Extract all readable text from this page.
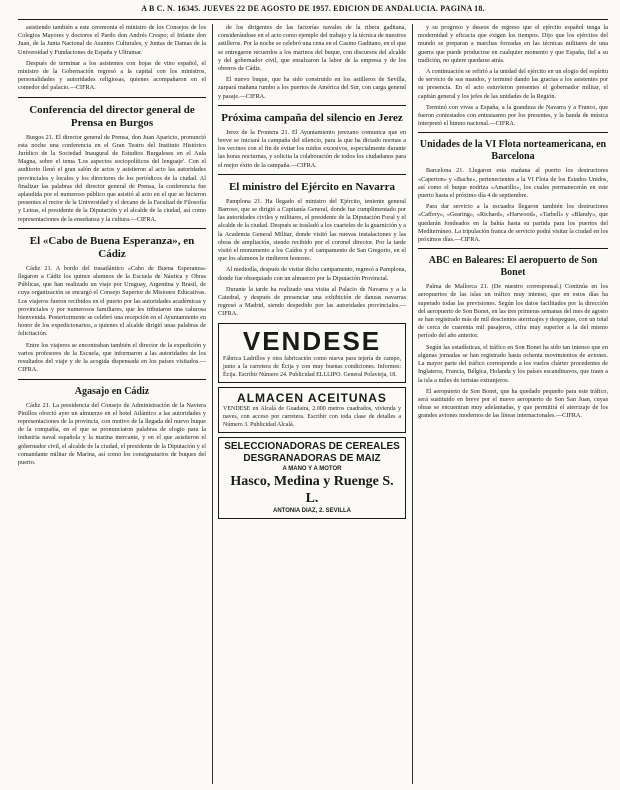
A B C. N. 16345. JUEVES 22 DE AGOSTO DE 1957. EDICION DE ANDALUCIA. PAGINA 18.

asistiendo también a este ceremonia el ministro de los Consejos de los Colegios Mayores y doctores el Pardo don Andrés Crespo; el Infante don Juan, de la Junta Nacional de Asuntos Culturales, y Juntas de Damas de la Universidad y Fundaciones de España y Ultramar.

Después de terminar a los asistentes con hojas de vino español, el ministro de la Gobernación regresó a la capital con los ministros, personalidades y autoridades religiosas, quienes acompañaron en el comedor del palacio.—CIFRA.

Conferencia del director general de Prensa en Burgos

Burgos 21. El director general de Prensa, don Juan Aparicio, pronunció esta noche una conferencia en el Gran Teatro del Instituto Histórico Jurídico de la Sociedad Inaugural de Estudios Burgaleses en el Aula Magna, sobre el tema 'Los aspectos sociopolíticos del lenguaje'. Con el auditorio llenó el gran salón de actos y asistieron al acto las autoridades provinciales y locales y los directores de los periódicos de la ciudad. Al finalizar las palabras del director general de Prensa, la conferencia fue aplaudida por el numeroso público que asistió al acto en el que se hicieron presentes el rector de la Universidad y el decano de la Facultad de Filosofía y Letras, el presidente de la Diputación y el alcalde de la ciudad, así como representaciones de la enseñanza y la cultura.—CIFRA.

El «Cabo de Buena Esperanza», en Cádiz

Cádiz 21. A bordo del trasatlántico «Cabo de Buena Esperanza» llegaron a Cádiz los quince alumnos de la Escuela de Náutica y Obras Públicas, que han realizado un viaje por Uruguay, Argentina y Brasil, de cuya organización se encargó el Consejo Superior de Misiones Educativas. Los viajeros fueron recibidos en el puerto por las autoridades académicas y provinciales y por numerosos familiares, que les tributaron una calurosa bienvenida. Posteriormente se celebró una recepción en el Ayuntamiento en honor de los expedicionarios, a quienes el alcalde dirigió unas palabras de felicitación.

Entre los viajeros se encontraban también el director de la expedición y varios profesores de la Escuela, que informaron a las autoridades de los resultados del viaje y de la acogida dispensada en los países visitados.—CIFRA.

Agasajo en Cádiz

Cádiz 21. La presidencia del Consejo de Administración de la Naviera Pinillos ofreció ayer un almuerzo en el hotel Atlántico a las autoridades y representaciones de la provincia, con motivo de la llegada del nuevo buque de la compañía, en el que se pronunciaron palabras de elogio para la industria naval española y la marina mercante, y en el que asistieron el gobernador civil, el alcalde de la ciudad, el presidente de la Diputación y el comandante militar de Marina, así como los consignatarios de buques del puerto.

de los dirigentes de las factorías navales de la ribera gaditana, considerándose en el acto como ejemplo del trabajo y la técnica de nuestros astilleros. Por la noche se celebró una cena en el Casino Gaditano, en el que se entregaron recuerdos a los marinos del buque, con discursos del alcalde y del gobernador civil, que ensalzaron la labor de la empresa y de los obreros de Cádiz.

El nuevo buque, que ha sido construido en los astilleros de Sevilla, zarpará mañana rumbo a los puertos de América del Sur, con carga general y pasaje.—CIFRA.

Próxima campaña del silencio en Jerez

Jerez de la Frontera 21. El Ayuntamiento jerezano comunica que en breve se iniciará la campaña del silencio, para la que ha dictado normas a los vecinos con el fin de evitar los ruidos excesivos, especialmente durante las horas nocturnas, y solicita la colaboración de todos los ciudadanos para el mejor éxito de la campaña.—CIFRA.

El ministro del Ejército en Navarra

Pamplona 21. Ha llegado el ministro del Ejército, teniente general Barroso, que se dirigió a Capitanía General, donde fue cumplimentado por las autoridades civiles y militares, el presidente de la Diputación Foral y el alcalde de la ciudad. Después se trasladó a los cuarteles de la guarnición y a la Academia General Militar, donde visitó las nuevas instalaciones y las obras de ampliación, siendo recibido por el coronel director. Por la tarde visitó el monumento a los Caídos y el campamento de San Gregorio, en el que los alumnos le rindieron honores.

Al mediodía, después de visitar dicho campamento, regresó a Pamplona, donde fue obsequiado con un almuerzo por la Diputación Provincial.

Durante la tarde ha realizado una visita al Palacio de Navarra y a la Catedral, y después de presenciar una exhibición de danzas navarras regresó a Madrid, siendo despedido por las autoridades provinciales.—CIFRA.

VENDESE
Fábrica Ladrillos y otra fabricación como nueva para tejería de campo, junto a la carretera de Écija y con muy buenas condiciones. Informes: Écija. Escribir Número 24. Publicidad ELLLIPO. General Polavieja, 18.
ALMACEN ACEITUNAS
VENDESE en Alcalá de Guadaira, 2.000 metros cuadrados, vivienda y naves, con acceso por carretera. Escribir con toda clase de detalles a Número 3. Publicidad Alcalá.
SELECCIONADORAS DE CEREALES
DESGRANADORAS DE MAIZ
A MANO Y A MOTOR
Hasco, Medina y Ruenge S. L.
ANTONIA DIAZ, 2. SEVILLA

y su progreso y deseos de regreso que el ejército español tenga la modernidad y eficacia que exigen los tiempos. Dijo que los ejércitos del mundo se preparan a marchas forzadas en las técnicas militares de una guerra que puede producirse en cualquier momento y que España, fiel a su tradición, no quiere quedarse atrás.

A continuación se refirió a la unidad del ejército en un elogio del espíritu de servicio de sus mandos, y terminó dando las gracias a los asistentes por su presencia. En el acto estuvieron presentes el gobernador militar, el capitán general y los jefes de las unidades de la Región.

Terminó con vivas a España, a la grandeza de Navarra y a Franco, que fueron contestados con entusiasmo por los presentes, y la banda de música interpretó el himno nacional.—CIFRA.

Unidades de la VI Flota norteamericana, en Barcelona

Barcelona 21. Llegaron esta mañana al puerto los destructores «Caperton» y «Bache», pertenecientes a la VI Flota de los Estados Unidos, así como el buque nodriza «Amarillo», los cuales permanecerán en este puerto hasta el próximo día 4 de septiembre.

Para dar servicio a la escuadra llegaron también los destructores «Caffery», «Gearing», «Richard», «Harwood», «Tarbell» y «Blandy», que quedarán fondeados en la bahía hasta su partida para los puertos del Mediterráneo. La tripulación franca de servicio podrá visitar la ciudad en los próximos días.—CIFRA.

ABC en Baleares: El aeropuerto de Son Bonet

Palma de Mallorca 21. (De nuestro corresponsal.) Continúa en los aeropuertos de las islas un tráfico muy intenso, que en estos días ha superado todas las previsiones. Según los datos facilitados por la dirección del aeropuerto de Son Bonet, en las tres primeras semanas del mes de agosto se han registrado más de mil doscientos aterrizajes y despegues, con un total de cerca de cuarenta mil pasajeros, cifra muy superior a la del mismo período del año anterior.

Según las estadísticas, el tráfico en Son Bonet ha sido tan intenso que en algunas jornadas se han registrado hasta ochenta movimientos de aviones. La mayor parte del tráfico corresponde a los vuelos chárter procedentes de Inglaterra, Francia, Bélgica, Holanda y los países escandinavos, que traen a la isla a miles de turistas extranjeros.

El aeropuerto de Son Bonet, que ha quedado pequeño para este tráfico, será sustituido en breve por el nuevo aeropuerto de Son San Juan, cuyas obras se encuentran muy adelantadas, y que permitirá el aterrizaje de los grandes aviones modernos de las líneas internacionales.—CIFRA.
